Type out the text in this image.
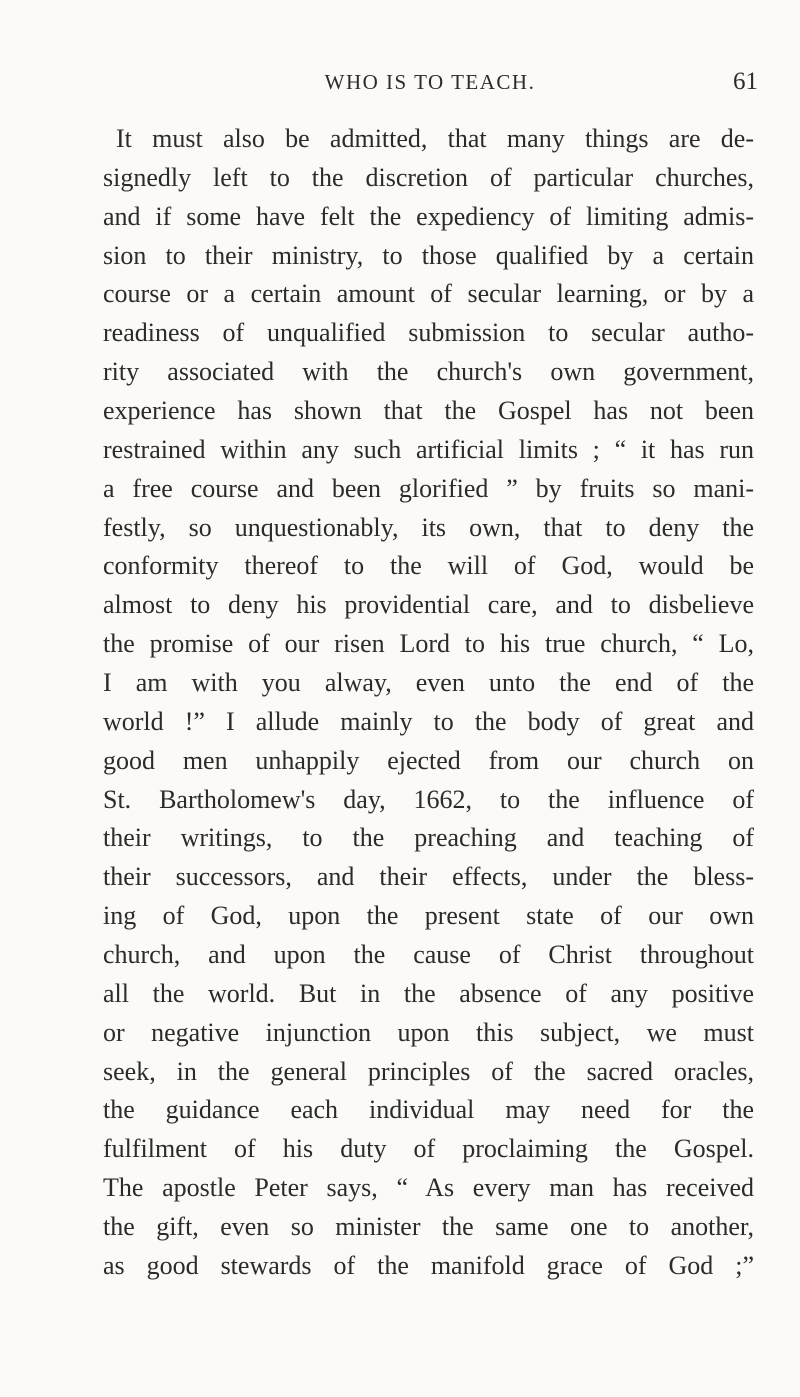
WHO IS TO TEACH.	61
It must also be admitted, that many things are de-
signedly left to the discretion of particular churches,
and if some have felt the expediency of limiting admis-
sion to their ministry, to those qualified by a certain
course or a certain amount of secular learning, or by a
readiness of unqualified submission to secular autho-
rity associated with the church's own government,
experience has shown that the Gospel has not been
restrained within any such artificial limits ; “ it has run
a free course and been glorified ” by fruits so mani-
festly, so unquestionably, its own, that to deny the
conformity thereof to the will of God, would be
almost to deny his providential care, and to disbelieve
the promise of our risen Lord to his true church, “ Lo,
I am with you alway, even unto the end of the
world !” I allude mainly to the body of great and
good men unhappily ejected from our church on
St. Bartholomew's day, 1662, to the influence of
their writings, to the preaching and teaching of
their successors, and their effects, under the bless-
ing of God, upon the present state of our own
church, and upon the cause of Christ throughout
all the world. But in the absence of any positive
or negative injunction upon this subject, we must
seek, in the general principles of the sacred oracles,
the guidance each individual may need for the
fulfilment of his duty of proclaiming the Gospel.
The apostle Peter says, “ As every man has received
the gift, even so minister the same one to another,
as good stewards of the manifold grace of God ;”
